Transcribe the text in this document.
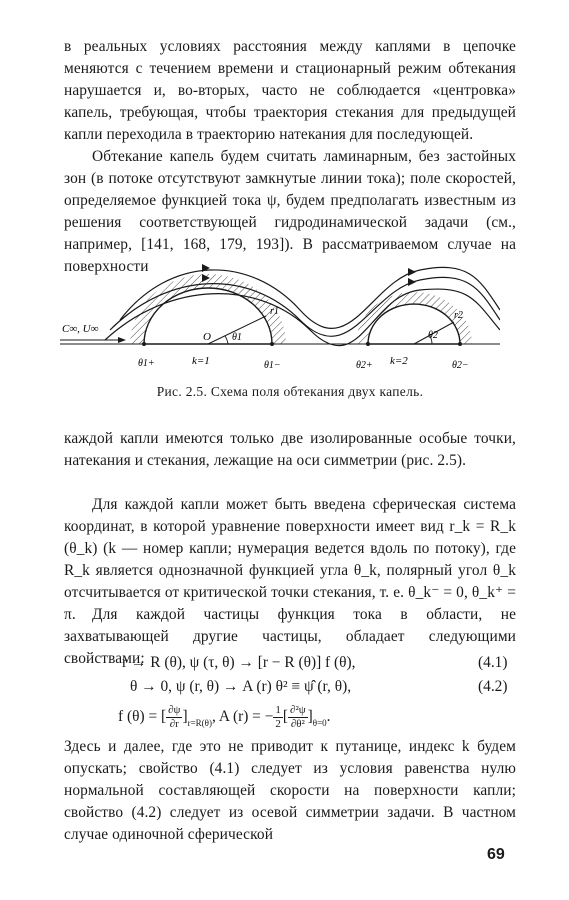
в реальных условиях расстояния между каплями в цепочке меняются с течением времени и стационарный режим обтекания нарушается и, во-вторых, часто не соблюдается «центровка» капель, требующая, чтобы траектория стекания для предыдущей капли переходила в траекторию натекания для последующей.

Обтекание капель будем считать ламинарным, без застойных зон (в потоке отсутствуют замкнутые линии тока); поле скоростей, определяемое функцией тока ψ, будем предполагать известным из решения соответствующей гидродинамической задачи (см., например, [141, 168, 179, 193]). В рассматриваемом случае на поверхности

C∞, U∞
O θ1
r1
θ2
r2
k=1	k=2
θ1+	θ1−	θ2+	θ2−
Рис. 2.5. Схема поля обтекания двух капель.

каждой капли имеются только две изолированные особые точки, натекания и стекания, лежащие на оси симметрии (рис. 2.5).

Для каждой капли может быть введена сферическая система координат, в которой уравнение поверхности имеет вид r_k = R_k (θ_k) (k — номер капли; нумерация ведется вдоль по потоку), где R_k является однозначной функцией угла θ_k, полярный угол θ_k отсчитывается от критической точки стекания, т. е. θ_k⁻ = 0, θ_k⁺ = π.	Для каждой частицы функция тока в области, не захватывающей другие частицы, обладает следующими свойствами:

r → R (θ), ψ (τ, θ) → [r − R (θ)] f (θ),	(4.1)
θ → 0, ψ (r, θ) → A (r) θ² ≡ ψ̂ (r, θ),	(4.2)
f (θ) = [ $\frac{\partial\psi}{\partial r} ]_{r=R(\theta)}$, A (r) = − $\frac{1}{2}$ [ $\frac{\text{∂²ψ}}{\text{∂θ²}} ]_{\theta=0}$.

Здесь и далее, где это не приводит к путанице, индекс k будем опускать; свойство (4.1) следует из условия равенства нулю нормальной составляющей скорости на поверхности капли; свойство (4.2) следует из осевой симметрии задачи. В частном случае одиночной сферической

69
